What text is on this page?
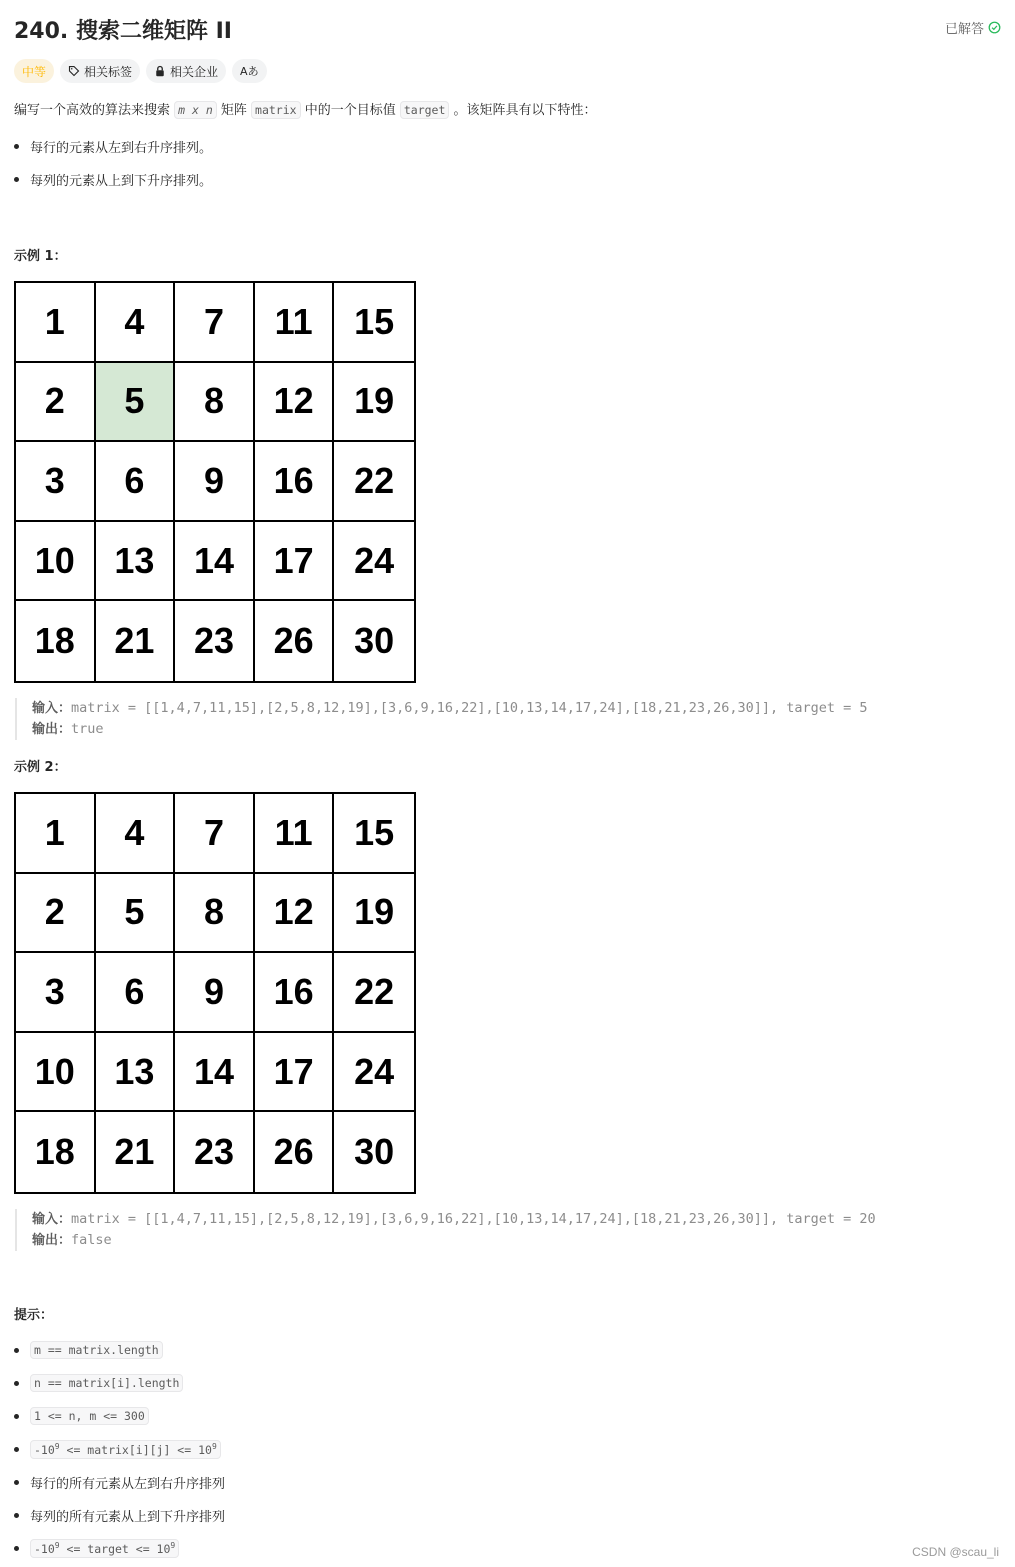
240. 搜索二维矩阵 II	已解答
中等	相关标签	相关企业 Aあ
编写一个高效的算法来搜索 m x n 矩阵 matrix 中的一个目标值 target 。该矩阵具有以下特性：
每行的元素从左到右升序排列。
每列的元素从上到下升序排列。
示例 1：
1	4	7	11	15
2	5	8	12	19
3	6	9	16	22
10	13	14	17	24
18	21	23	26	30
输入：matrix = [[1,4,7,11,15],[2,5,8,12,19],[3,6,9,16,22],[10,13,14,17,24],[18,21,23,26,30]], target = 5
输出：true
示例 2：
1	4	7	11	15
2	5	8	12	19
3	6	9	16	22
10	13	14	17	24
18	21	23	26	30
输入：matrix = [[1,4,7,11,15],[2,5,8,12,19],[3,6,9,16,22],[10,13,14,17,24],[18,21,23,26,30]], target = 20
输出：false
提示：
m == matrix.length
n == matrix[i].length
1 <= n, m <= 300
$-10^9$ <= matrix[i][j] <= $10^9$
每行的所有元素从左到右升序排列
每列的所有元素从上到下升序排列
$-10^9$ <= target <= $10^9$	CSDN @scau_li
